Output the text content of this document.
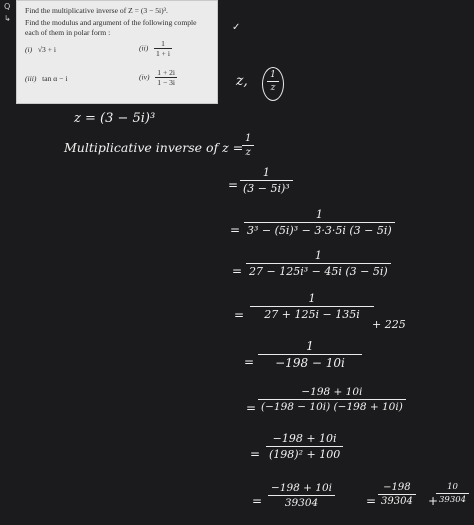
Q
↳
Find the multiplicative inverse of Z = (3 − 5i)³.
Find the modulus and argument of the following comple
each of them in polar form :
(i) √3 + i	$(ii) \frac{1}{1 + i}$
(iii) tan α − i	$(iv) \frac{1 + 2i}{1 - 3i}$
✓
z,	1
z
z = (3 − 5i)³
Multiplicative inverse of z =
1
z
=
1
(3 − 5i)³
=
1
3³ − (5i)³ − 3·3·5i (3 − 5i)
=
1
27 − 125i³ − 45i (3 − 5i)
=
1
27 + 125i − 135i
+ 225
=
1
−198 − 10i
=
−198 + 10i
(−198 − 10i) (−198 + 10i)
=
−198 + 10i
(198)² + 100
=
−198 + 10i
39304	=
−198
39304 +
10
39304
